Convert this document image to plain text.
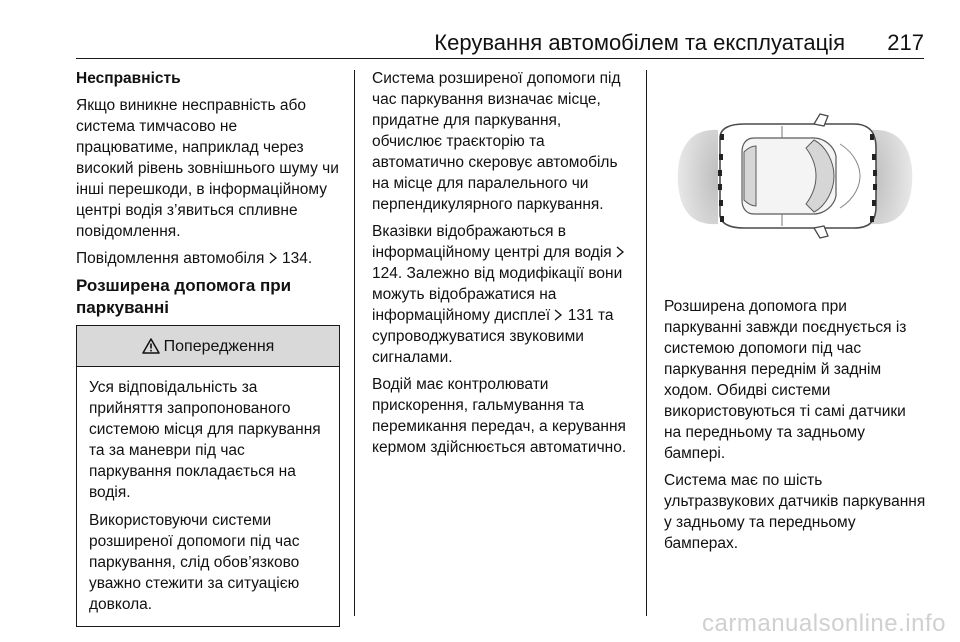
Керування автомобілем та експлуатація 217

Несправність

Якщо виникне несправність або система тимчасово не працюватиме, наприклад через високий рівень зовнішнього шуму чи інші перешкоди, в інформаційному центрі водія з’явиться спливне повідомлення.

Повідомлення автомобіля 134.

Розширена допомога при паркуванні

Попередження

Уся відповідальність за прийняття запропонованого системою місця для паркування та за маневри під час паркування покладається на водія.

Використовуючи системи розширеної допомоги під час паркування, слід обов’язково уважно стежити за ситуацією довкола.

Система розширеної допомоги під час паркування визначає місце, придатне для паркування, обчислює траєкторію та автоматично скеровує автомобіль на місце для паралельного чи перпендикулярного паркування.

Вказівки відображаються в інформаційному центрі для водія  124. Залежно від модифікації вони можуть відображатися на інформаційному дисплеї 131 та супроводжуватися звуковими сигналами.

Водій має контролювати прискорення, гальмування та перемикання передач, а керування кермом здійснюється автоматично.

Розширена допомога при паркуванні завжди поєднується із системою допомоги під час паркування переднім й заднім ходом. Обидві системи використовуються ті самі датчики на передньому та задньому бампері.

Система має по шість ультразвукових датчиків паркування у задньому та передньому бамперах.

carmanualsonline.info
